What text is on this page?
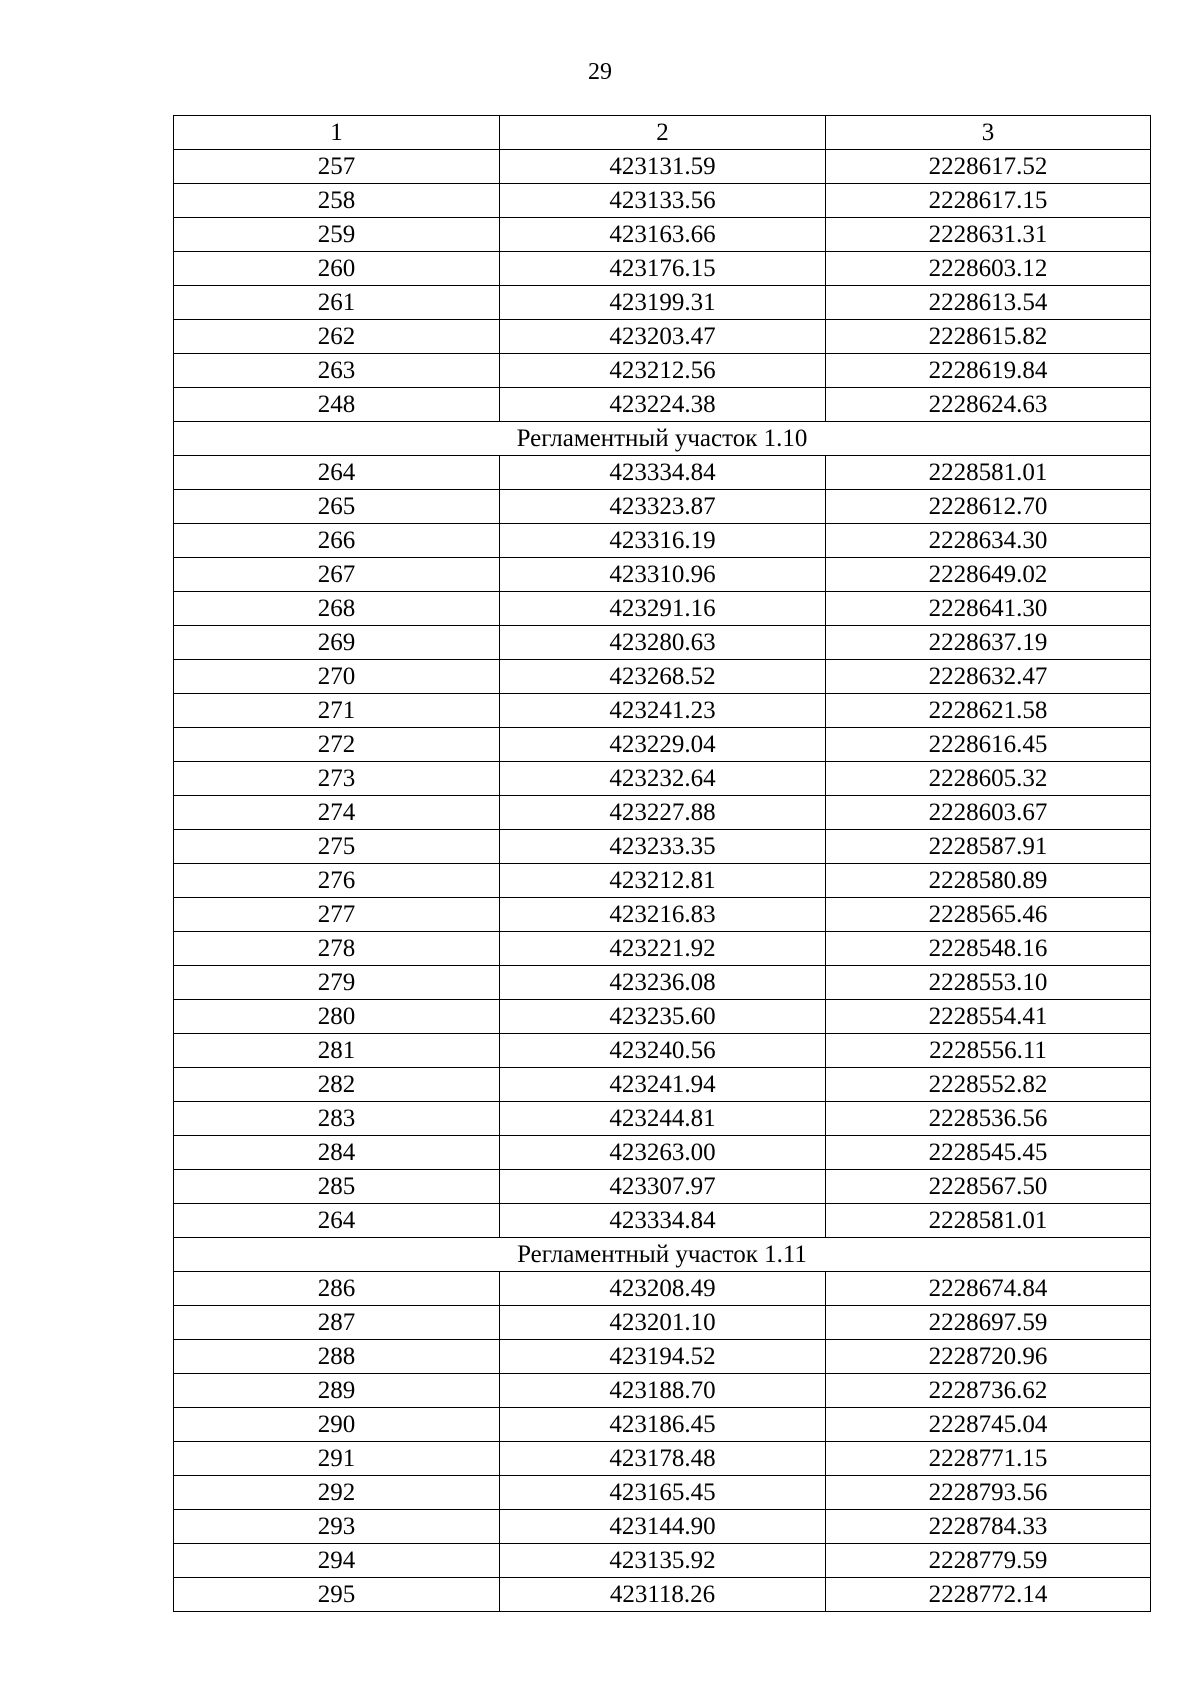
29
1	2	3
257	423131.59	2228617.52
258	423133.56	2228617.15
259	423163.66	2228631.31
260	423176.15	2228603.12
261	423199.31	2228613.54
262	423203.47	2228615.82
263	423212.56	2228619.84
248	423224.38	2228624.63
Регламентный участок 1.10		
264	423334.84	2228581.01
265	423323.87	2228612.70
266	423316.19	2228634.30
267	423310.96	2228649.02
268	423291.16	2228641.30
269	423280.63	2228637.19
270	423268.52	2228632.47
271	423241.23	2228621.58
272	423229.04	2228616.45
273	423232.64	2228605.32
274	423227.88	2228603.67
275	423233.35	2228587.91
276	423212.81	2228580.89
277	423216.83	2228565.46
278	423221.92	2228548.16
279	423236.08	2228553.10
280	423235.60	2228554.41
281	423240.56	2228556.11
282	423241.94	2228552.82
283	423244.81	2228536.56
284	423263.00	2228545.45
285	423307.97	2228567.50
264	423334.84	2228581.01
Регламентный участок 1.11		
286	423208.49	2228674.84
287	423201.10	2228697.59
288	423194.52	2228720.96
289	423188.70	2228736.62
290	423186.45	2228745.04
291	423178.48	2228771.15
292	423165.45	2228793.56
293	423144.90	2228784.33
294	423135.92	2228779.59
295	423118.26	2228772.14
